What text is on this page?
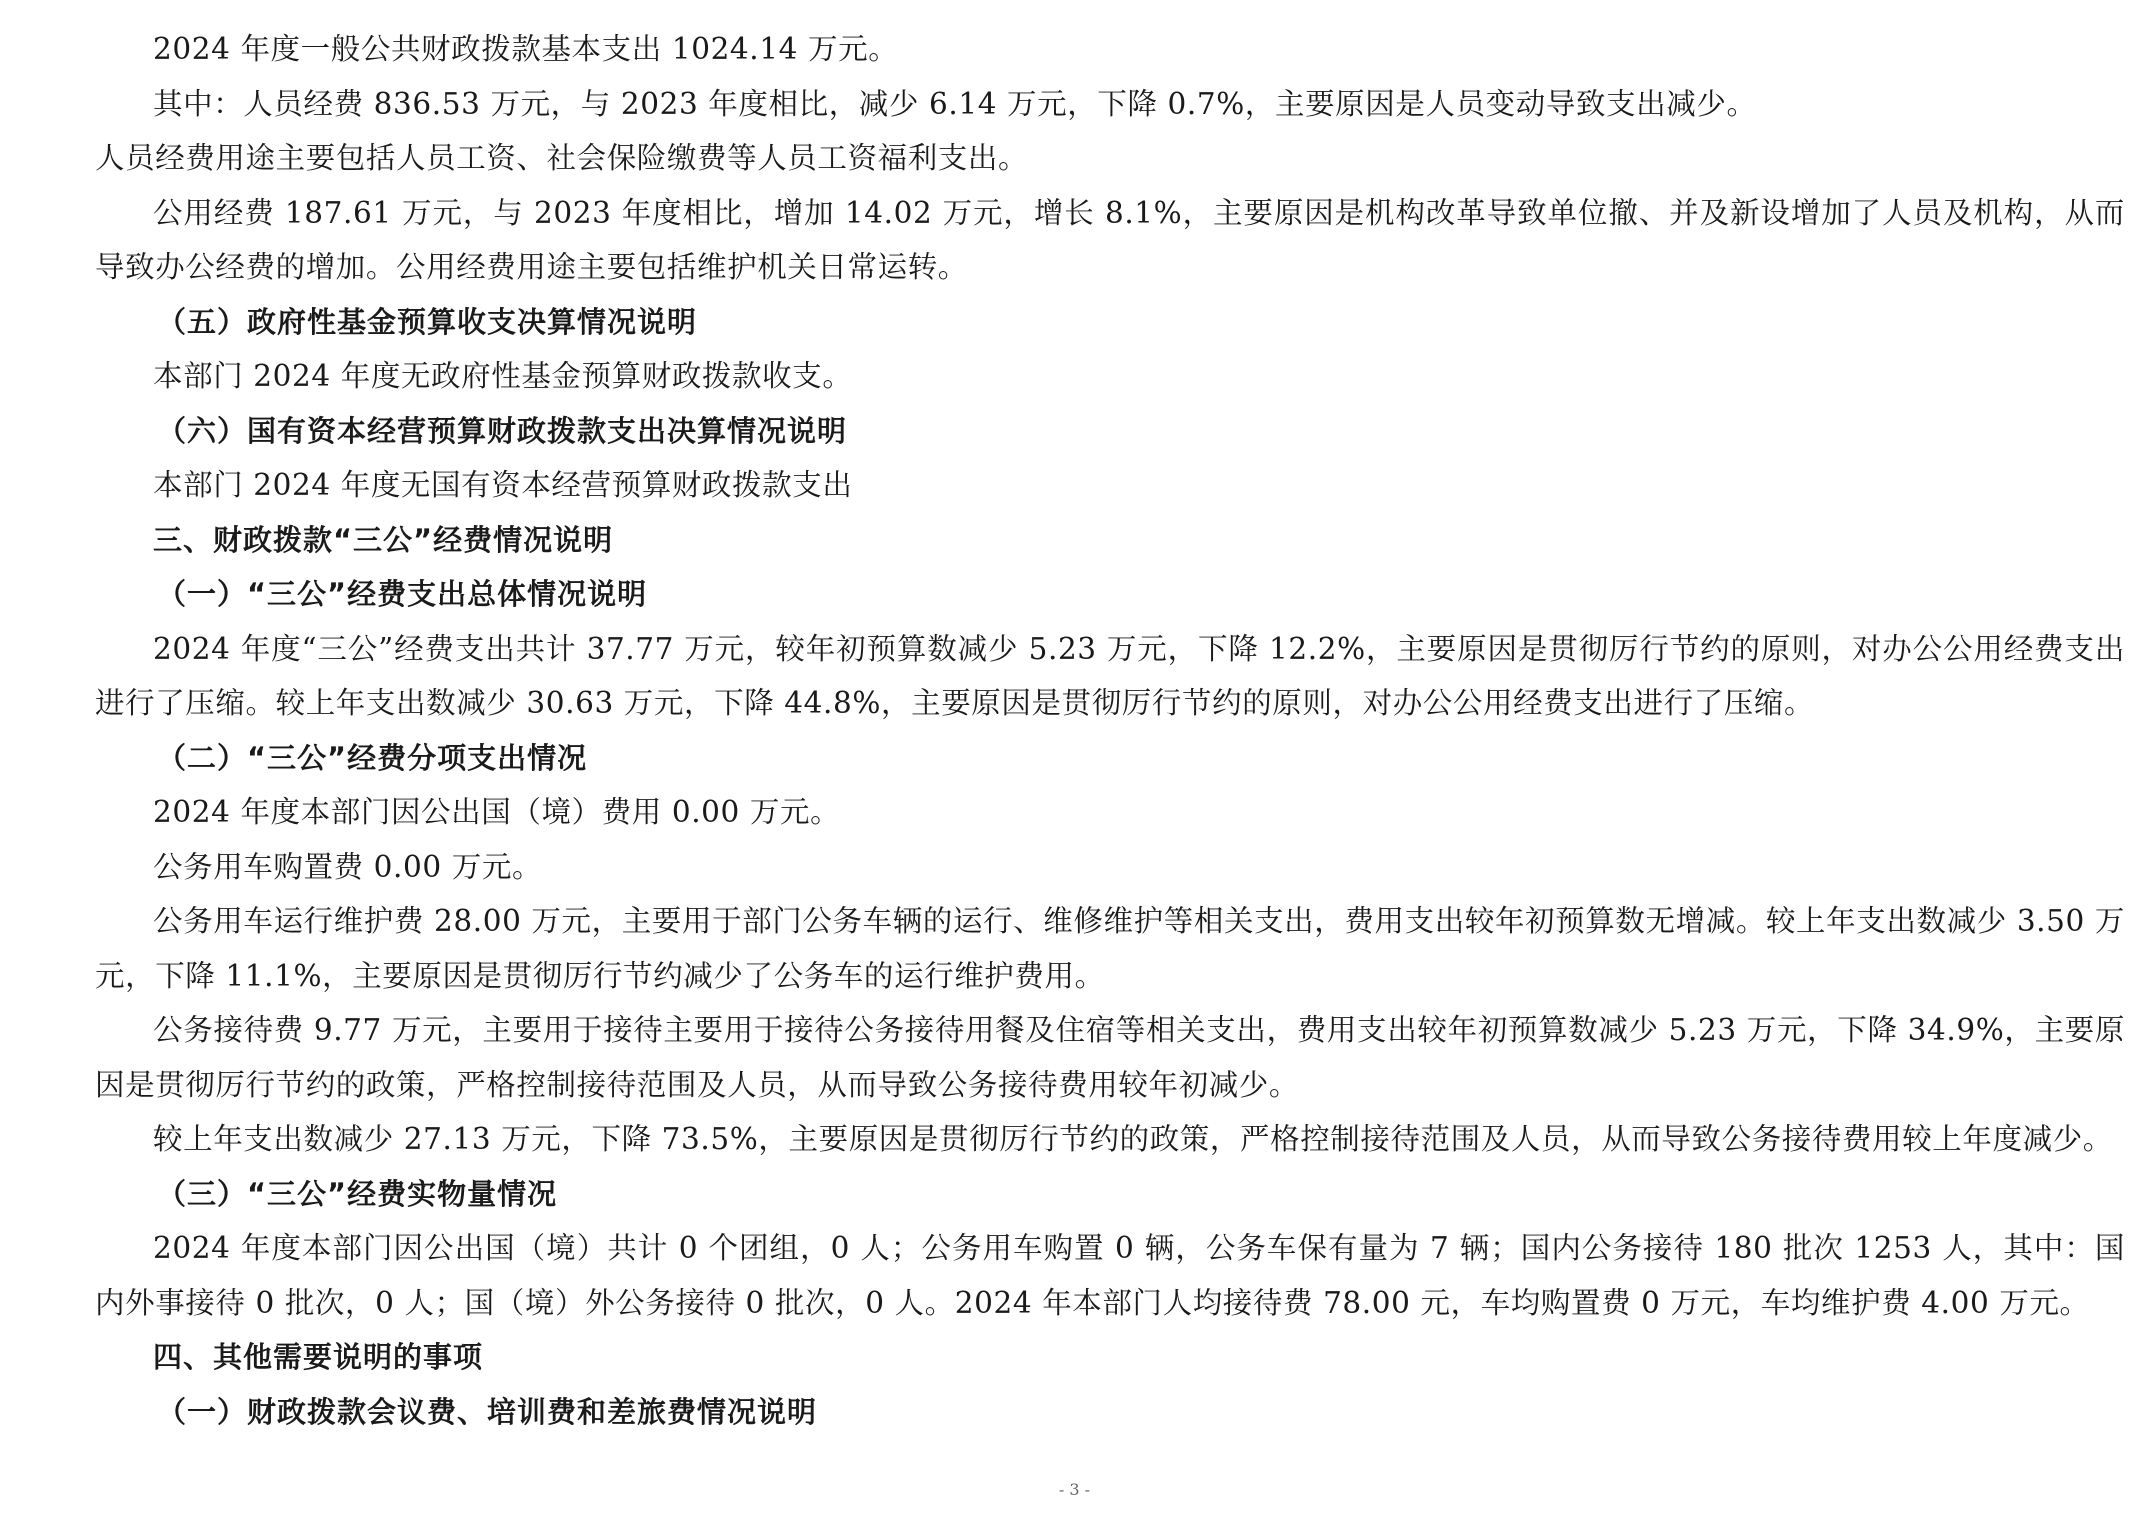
2024 年度一般公共财政拨款基本支出 1024.14 万元。
其中：人员经费 836.53 万元，与 2023 年度相比，减少 6.14 万元，下降 0.7%，主要原因是人员变动导致支出减少。
人员经费用途主要包括人员工资、社会保险缴费等人员工资福利支出。

公用经费 187.61 万元，与 2023 年度相比，增加 14.02 万元，增长 8.1%，主要原因是机构改革导致单位撤、并及新设增加了人员及机构，从而导致办公经费的增加。公用经费用途主要包括维护机关日常运转。

（五）政府性基金预算收支决算情况说明
本部门 2024 年度无政府性基金预算财政拨款收支。
（六）国有资本经营预算财政拨款支出决算情况说明
本部门 2024 年度无国有资本经营预算财政拨款支出
三、财政拨款“三公”经费情况说明
（一）“三公”经费支出总体情况说明

2024 年度“三公”经费支出共计 37.77 万元，较年初预算数减少 5.23 万元，下降 12.2%，主要原因是贯彻厉行节约的原则，对办公公用经费支出进行了压缩。较上年支出数减少 30.63 万元，下降 44.8%，主要原因是贯彻厉行节约的原则，对办公公用经费支出进行了压缩。

（二）“三公”经费分项支出情况
2024 年度本部门因公出国（境）费用 0.00 万元。
公务用车购置费 0.00 万元。

公务用车运行维护费 28.00 万元，主要用于部门公务车辆的运行、维修维护等相关支出，费用支出较年初预算数无增减。较上年支出数减少 3.50 万元，下降 11.1%，主要原因是贯彻厉行节约减少了公务车的运行维护费用。

公务接待费 9.77 万元，主要用于接待主要用于接待公务接待用餐及住宿等相关支出，费用支出较年初预算数减少 5.23 万元，下降 34.9%，主要原因是贯彻厉行节约的政策，严格控制接待范围及人员，从而导致公务接待费用较年初减少。

较上年支出数减少 27.13 万元，下降 73.5%，主要原因是贯彻厉行节约的政策，严格控制接待范围及人员，从而导致公务接待费用较上年度减少。
（三）“三公”经费实物量情况

2024 年度本部门因公出国（境）共计 0 个团组，0 人；公务用车购置 0 辆，公务车保有量为 7 辆；国内公务接待 180 批次 1253 人，其中：国内外事接待 0 批次，0 人；国（境）外公务接待 0 批次，0 人。2024 年本部门人均接待费 78.00 元，车均购置费 0 万元，车均维护费 4.00 万元。

四、其他需要说明的事项
（一）财政拨款会议费、培训费和差旅费情况说明
- 3 -
